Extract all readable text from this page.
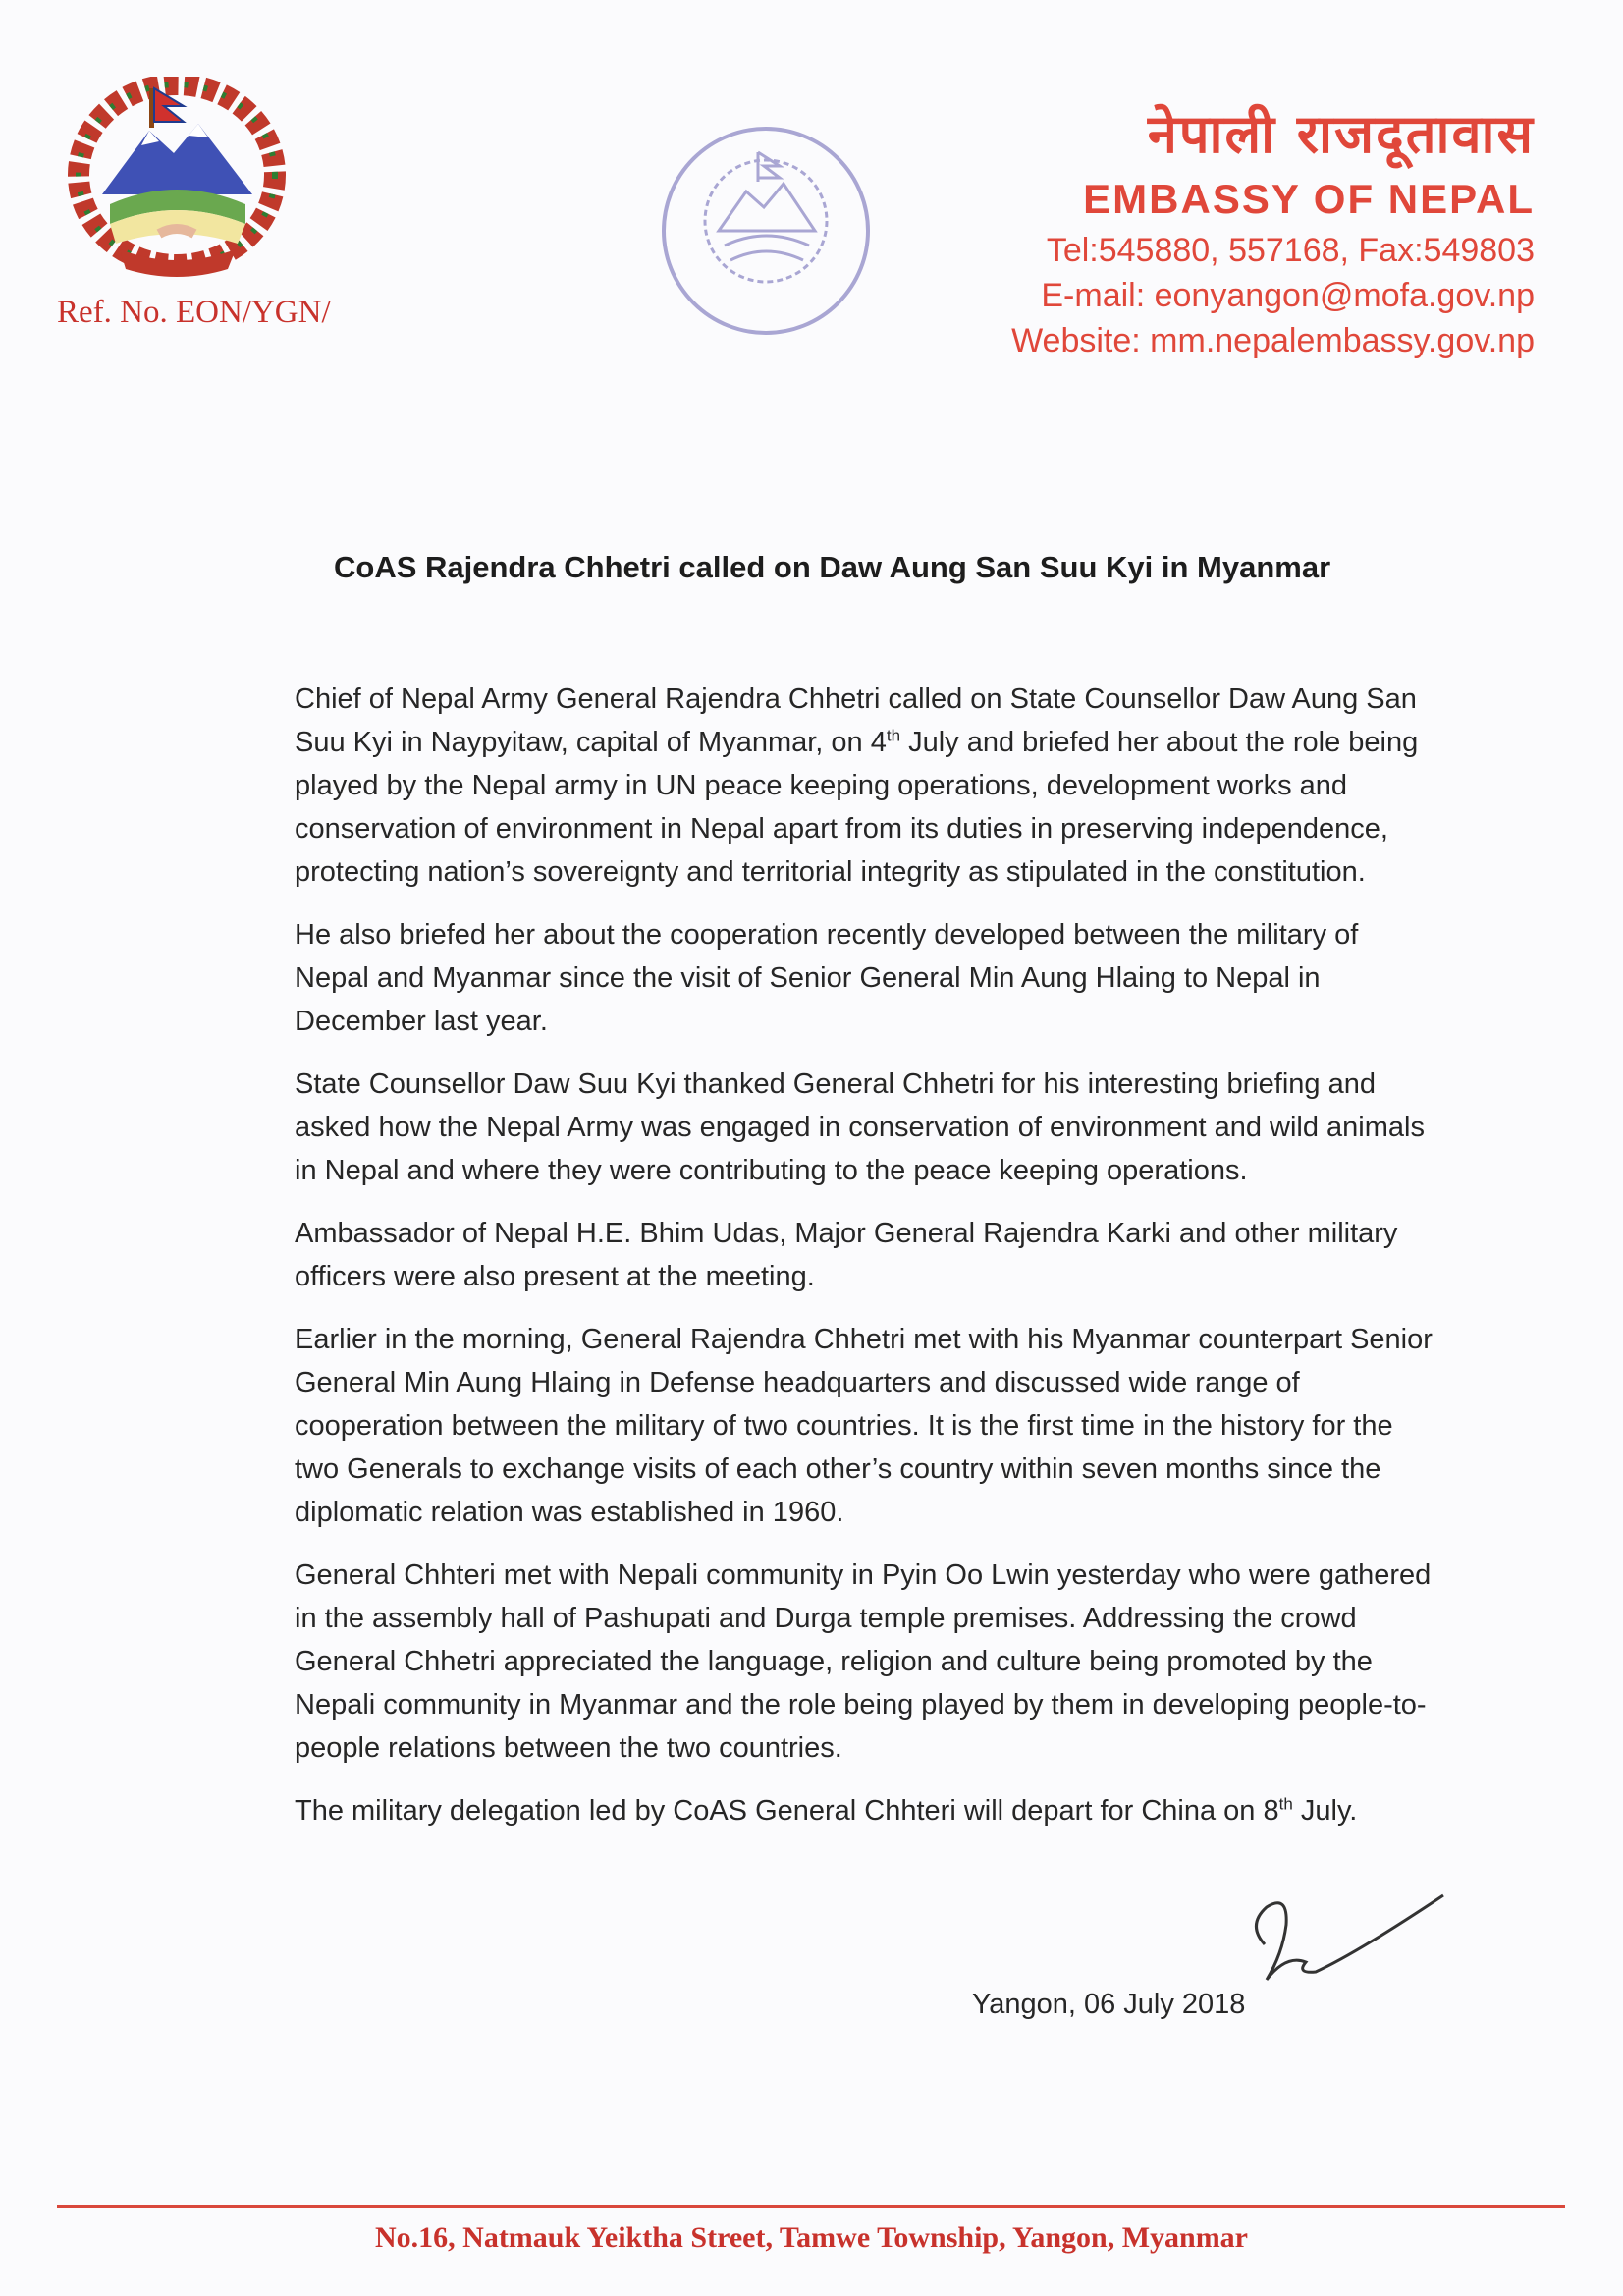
Ref. No. EON/YGN/
नेपाली राजदूतावास
EMBASSY OF NEPAL
Tel:545880, 557168, Fax:549803
E-mail: eonyangon@mofa.gov.np
Website: mm.nepalembassy.gov.np
CoAS Rajendra Chhetri called on Daw Aung San Suu Kyi in Myanmar

Chief of Nepal Army General Rajendra Chhetri called on State Counsellor Daw Aung San Suu Kyi in Naypyitaw, capital of Myanmar, on 4th July and briefed her about the role being played by the Nepal army in UN peace keeping operations, development works and conservation of environment in Nepal apart from its duties in preserving independence, protecting nation’s sovereignty and territorial integrity as stipulated in the constitution.

He also briefed her about the cooperation recently developed between the military of Nepal and Myanmar since the visit of Senior General Min Aung Hlaing to Nepal in December last year.

State Counsellor Daw Suu Kyi thanked General Chhetri for his interesting briefing and asked how the Nepal Army was engaged in conservation of environment and wild animals in Nepal and where they were contributing to the peace keeping operations.

Ambassador of Nepal H.E. Bhim Udas, Major General Rajendra Karki and other military officers were also present at the meeting.

Earlier in the morning, General Rajendra Chhetri met with his Myanmar counterpart Senior General Min Aung Hlaing in Defense headquarters and discussed wide range of cooperation between the military of two countries. It is the first time in the history for the two Generals to exchange visits of each other’s country within seven months since the diplomatic relation was established in 1960.

General Chhteri met with Nepali community in Pyin Oo Lwin yesterday who were gathered in the assembly hall of Pashupati and Durga temple premises. Addressing the crowd General Chhetri appreciated the language, religion and culture being promoted by the Nepali community in Myanmar and the role being played by them in developing people-to-people relations between the two countries.

The military delegation led by CoAS General Chhteri will depart for China on 8th July.

Yangon, 06 July 2018
No.16, Natmauk Yeiktha Street, Tamwe Township, Yangon, Myanmar
